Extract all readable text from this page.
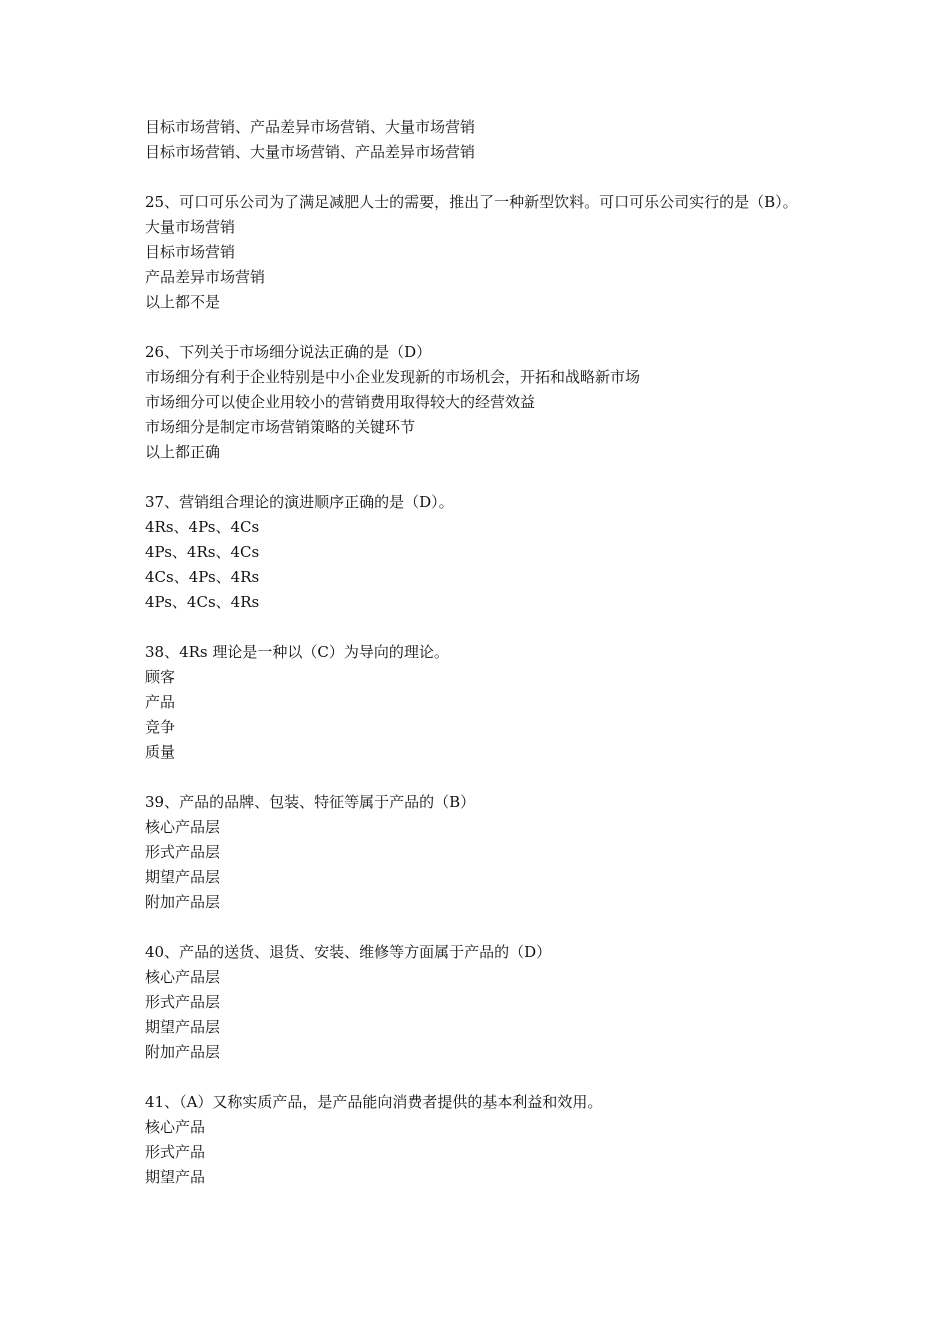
目标市场营销、产品差异市场营销、大量市场营销
目标市场营销、大量市场营销、产品差异市场营销
25、可口可乐公司为了满足减肥人士的需要，推出了一种新型饮料。可口可乐公司实行的是（B）。
大量市场营销
目标市场营销
产品差异市场营销
以上都不是
26、下列关于市场细分说法正确的是（D）
市场细分有利于企业特别是中小企业发现新的市场机会，开拓和战略新市场
市场细分可以使企业用较小的营销费用取得较大的经营效益
市场细分是制定市场营销策略的关键环节
以上都正确
37、营销组合理论的演进顺序正确的是（D）。
4Rs、4Ps、4Cs
4Ps、4Rs、4Cs
4Cs、4Ps、4Rs
4Ps、4Cs、4Rs
38、4Rs 理论是一种以（C）为导向的理论。
顾客
产品
竞争
质量
39、产品的品牌、包装、特征等属于产品的（B）
核心产品层
形式产品层
期望产品层
附加产品层
40、产品的送货、退货、安装、维修等方面属于产品的（D）
核心产品层
形式产品层
期望产品层
附加产品层
41、（A）又称实质产品，是产品能向消费者提供的基本利益和效用。
核心产品
形式产品
期望产品
